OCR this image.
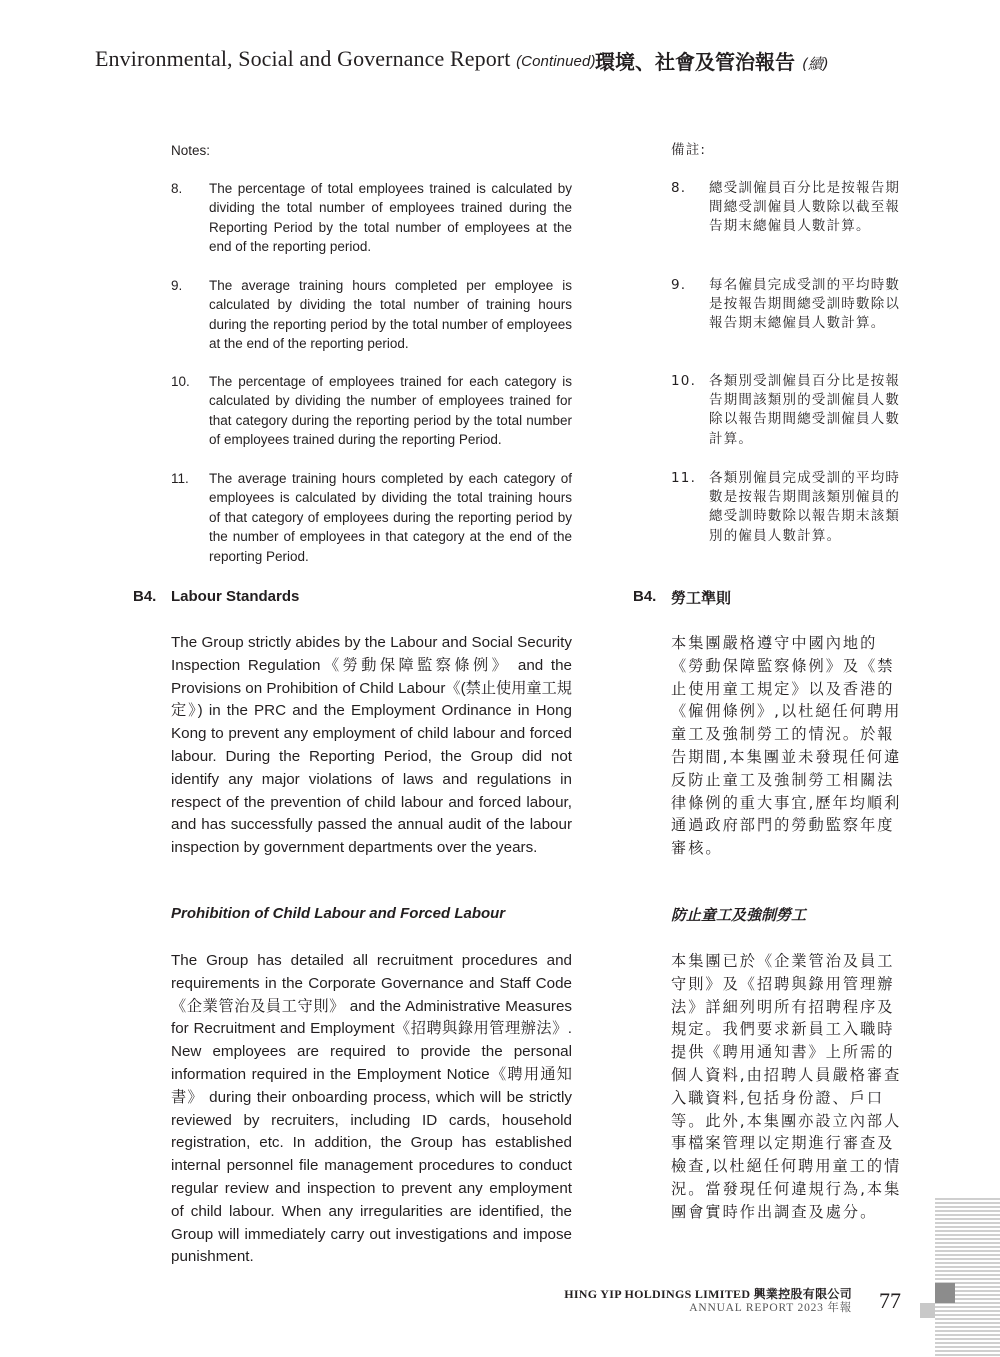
Environmental, Social and Governance Report (Continued) 環境、社會及管治報告 (續)
Notes:	備註:
8.	The percentage of total employees trained is calculated by dividing the total number of employees trained during the Reporting Period by the total number of employees at the end of the reporting period.
8.	總受訓僱員百分比是按報告期間總受訓僱員人數除以截至報告期末總僱員人數計算。
9.	The average training hours completed per employee is calculated by dividing the total number of training hours during the reporting period by the total number of employees at the end of the reporting period.
9.	每名僱員完成受訓的平均時數是按報告期間總受訓時數除以報告期末總僱員人數計算。
10.	The percentage of employees trained for each category is calculated by dividing the number of employees trained for that category during the reporting period by the total number of employees trained during the reporting Period.
10. 各類別受訓僱員百分比是按報告期間該類別的受訓僱員人數除以報告期間總受訓僱員人數計算。
11.	The average training hours completed by each category of employees is calculated by dividing the total training hours of that category of employees during the reporting period by the number of employees in that category at the end of the reporting Period.
11. 各類別僱員完成受訓的平均時數是按報告期間該類別僱員的總受訓時數除以報告期末該類別的僱員人數計算。
B4. Labour Standards	B4. 勞工準則
The Group strictly abides by the Labour and Social Security Inspection Regulation《勞動保障監察條例》 and the Provisions on Prohibition of Child Labour《(禁止使用童工規定》) in the PRC and the Employment Ordinance in Hong Kong to prevent any employment of child labour and forced labour. During the Reporting Period, the Group did not identify any major violations of laws and regulations in respect of the prevention of child labour and forced labour, and has successfully passed the annual audit of the labour inspection by government departments over the years.
本集團嚴格遵守中國內地的《勞動保障監察條例》及《禁止使用童工規定》以及香港的《僱佣條例》,以杜絕任何聘用童工及強制勞工的情況。於報告期間,本集團並未發現任何違反防止童工及強制勞工相關法律條例的重大事宜,歷年均順利通過政府部門的勞動監察年度審核。
Prohibition of Child Labour and Forced Labour	防止童工及強制勞工
The Group has detailed all recruitment procedures and requirements in the Corporate Governance and Staff Code《企業管治及員工守則》 and the Administrative Measures for Recruitment and Employment《招聘與錄用管理辦法》. New employees are required to provide the personal information required in the Employment Notice《聘用通知書》 during their onboarding process, which will be strictly reviewed by recruiters, including ID cards, household registration, etc. In addition, the Group has established internal personnel file management procedures to conduct regular review and inspection to prevent any employment of child labour. When any irregularities are identified, the Group will immediately carry out investigations and impose punishment.
本集團已於《企業管治及員工守則》及《招聘與錄用管理辦法》詳細列明所有招聘程序及規定。我們要求新員工入職時提供《聘用通知書》上所需的個人資料,由招聘人員嚴格審查入職資料,包括身份證、戶口等。此外,本集團亦設立內部人事檔案管理以定期進行審查及檢查,以杜絕任何聘用童工的情況。當發現任何違規行為,本集團會實時作出調查及處分。
HING YIP HOLDINGS LIMITED 興業控股有限公司
ANNUAL REPORT 2023 年報 77
